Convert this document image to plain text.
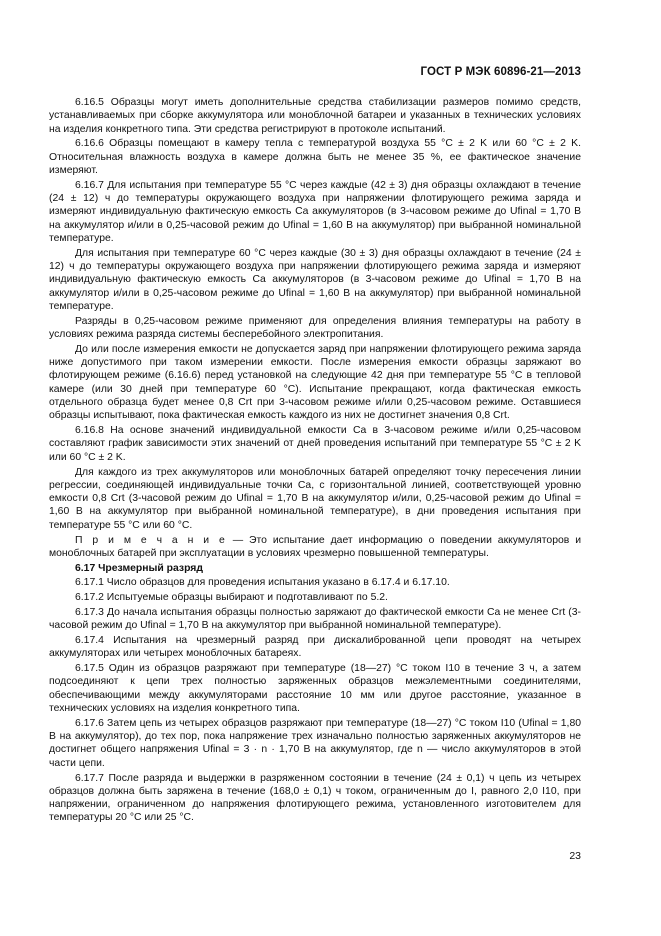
ГОСТ Р МЭК 60896-21—2013

6.16.5 Образцы могут иметь дополнительные средства стабилизации размеров помимо средств, устанавливаемых при сборке аккумулятора или моноблочной батареи и указанных в технических условиях на изделия конкретного типа. Эти средства регистрируют в протоколе испытаний.

6.16.6 Образцы помещают в камеру тепла с температурой воздуха 55 °C ± 2 K или 60 °C ± 2 K. Относительная влажность воздуха в камере должна быть не менее 35 %, ее фактическое значение измеряют.

6.16.7 Для испытания при температуре 55 °C через каждые (42 ± 3) дня образцы охлаждают в течение (24 ± 12) ч до температуры окружающего воздуха при напряжении флотирующего режима заряда и измеряют индивидуальную фактическую емкость Cа аккумуляторов (в 3-часовом режиме до Ufinal = 1,70 В на аккумулятор и/или в 0,25-часовой режим до Ufinal = 1,60 В на аккумулятор) при выбранной номинальной температуре.

Для испытания при температуре 60 °C через каждые (30 ± 3) дня образцы охлаждают в течение (24 ± 12) ч до температуры окружающего воздуха при напряжении флотирующего режима заряда и измеряют индивидуальную фактическую емкость Cа аккумуляторов (в 3-часовом режиме до Ufinal = 1,70 В на аккумулятор и/или в 0,25-часовом режиме до Ufinal = 1,60 В на аккумулятор) при выбранной номинальной температуре.

Разряды в 0,25-часовом режиме применяют для определения влияния температуры на работу в условиях режима разряда системы бесперебойного электропитания.

До или после измерения емкости не допускается заряд при напряжении флотирующего режима заряда ниже допустимого при таком измерении емкости. После измерения емкости образцы заряжают во флотирующем режиме (6.16.6) перед установкой на следующие 42 дня при температуре 55 °C в тепловой камере (или 30 дней при температуре 60 °C). Испытание прекращают, когда фактическая емкость отдельного образца будет менее 0,8 Crt при 3-часовом режиме и/или 0,25-часовом режиме. Оставшиеся образцы испытывают, пока фактическая емкость каждого из них не достигнет значения 0,8 Crt.

6.16.8 На основе значений индивидуальной емкости Cа в 3-часовом режиме и/или 0,25-часовом составляют график зависимости этих значений от дней проведения испытаний при температуре 55 °C ± 2 K или 60 °C ± 2 K.

Для каждого из трех аккумуляторов или моноблочных батарей определяют точку пересечения линии регрессии, соединяющей индивидуальные точки Cа, с горизонтальной линией, соответствующей уровню емкости 0,8 Crt (3-часовой режим до Ufinal = 1,70 В на аккумулятор и/или, 0,25-часовой режим до Ufinal = 1,60 В на аккумулятор при выбранной номинальной температуре), в дни проведения испытания при температуре 55 °C или 60 °C.

П р и м е ч а н и е — Это испытание дает информацию о поведении аккумуляторов и моноблочных батарей при эксплуатации в условиях чрезмерно повышенной температуры.

6.17 Чрезмерный разряд

6.17.1 Число образцов для проведения испытания указано в 6.17.4 и 6.17.10.

6.17.2 Испытуемые образцы выбирают и подготавливают по 5.2.

6.17.3 До начала испытания образцы полностью заряжают до фактической емкости Cа не менее Crt (3-часовой режим до Ufinal = 1,70 В на аккумулятор при выбранной номинальной температуре).

6.17.4 Испытания на чрезмерный разряд при дискалиброванной цепи проводят на четырех аккумуляторах или четырех моноблочных батареях.

6.17.5 Один из образцов разряжают при температуре (18—27) °C током I10 в течение 3 ч, а затем подсоединяют к цепи трех полностью заряженных образцов межэлементными соединителями, обеспечивающими между аккумуляторами расстояние 10 мм или другое расстояние, указанное в технических условиях на изделия конкретного типа.

6.17.6 Затем цепь из четырех образцов разряжают при температуре (18—27) °C током I10 (Ufinal = 1,80 В на аккумулятор), до тех пор, пока напряжение трех изначально полностью заряженных аккумуляторов не достигнет общего напряжения Ufinal = 3 · n · 1,70 В на аккумулятор, где n — число аккумуляторов в этой части цепи.

6.17.7 После разряда и выдержки в разряженном состоянии в течение (24 ± 0,1) ч цепь из четырех образцов должна быть заряжена в течение (168,0 ± 0,1) ч током, ограниченным до I, равного 2,0 I10, при напряжении, ограниченном до напряжения флотирующего режима, установленного изготовителем для температуры 20 °C или 25 °C.

23
